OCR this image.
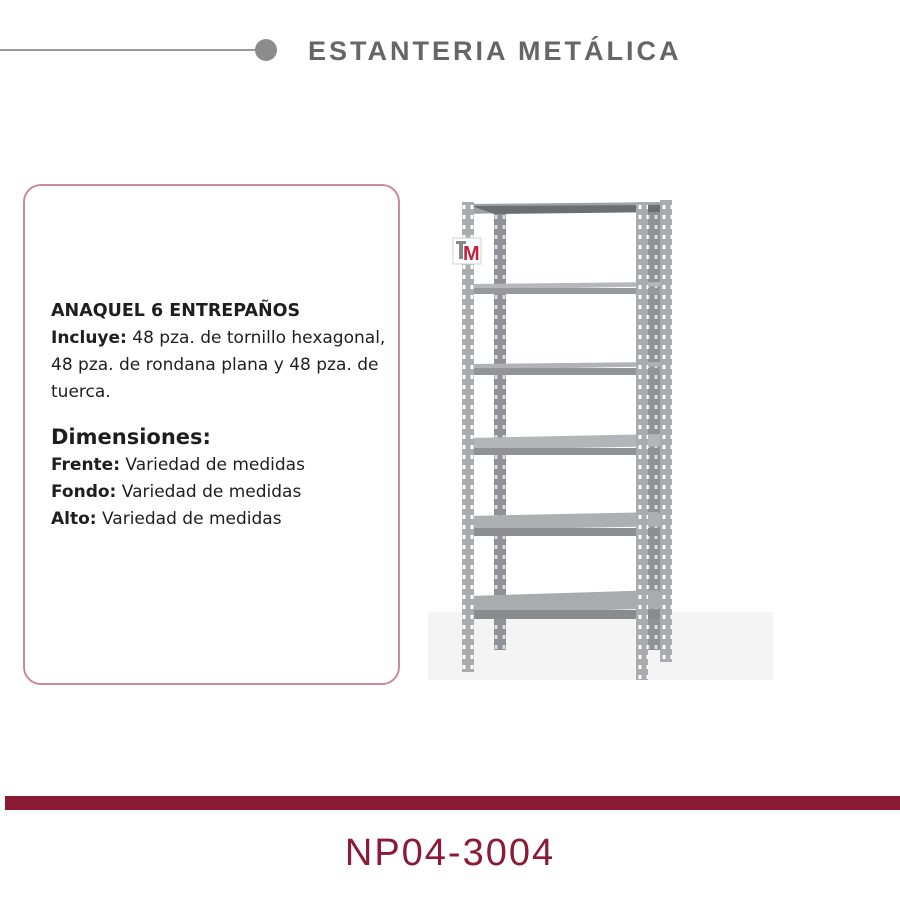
ESTANTERIA METÁLICA
ANAQUEL 6 ENTREPAÑOS
Incluye: 48 pza. de tornillo hexagonal, 48 pza. de rondana plana y 48 pza. de tuerca.
Dimensiones:
Frente: Variedad de medidas
Fondo: Variedad de medidas
Alto: Variedad de medidas
M
NP04-3004
